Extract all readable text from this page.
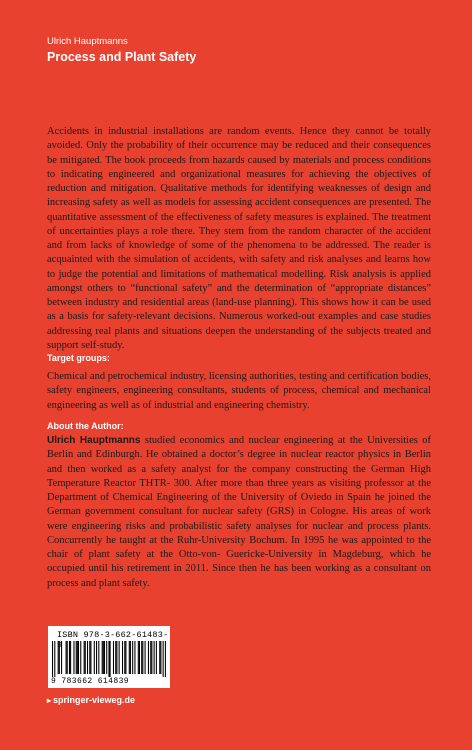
Ulrich Hauptmanns
Process and Plant Safety

Accidents in industrial installations are random events. Hence they cannot be totally avoided. Only the probability of their occurrence may be reduced and their consequences be mitigated. The book proceeds from hazards caused by materials and process conditions to indicating engineered and organizational measures for achieving the objectives of reduction and mitigation. Qualitative methods for identifying weaknesses of design and increasing safety as well as models for assessing accident consequences are presented. The quantitative assessment of the effectiveness of safety measures is explained. The treatment of uncertainties plays a role there. They stem from the random character of the accident and from lacks of knowledge of some of the phenomena to be addressed. The reader is acquainted with the simulation of accidents, with safety and risk analyses and learns how to judge the potential and limitations of mathematical modelling. Risk analysis is applied amongst others to “functional safety” and the determination of “appropriate distances” between industry and residential areas (land-use planning). This shows how it can be used as a basis for safety-relevant decisions. Numerous worked-out examples and case studies addressing real plants and situations deepen the understanding of the subjects treated and support self-study.

Target groups:

Chemical and petrochemical industry, licensing authorities, testing and certification bodies, safety engineers, engineering consultants, students of process, chemical and mechanical engineering as well as of industrial and engineering chemistry.

About the Author:

Ulrich Hauptmanns studied economics and nuclear engineering at the Universities of Berlin and Edinburgh. He obtained a doctor’s degree in nuclear reactor physics in Berlin and then worked as a safety analyst for the company constructing the German High Temperature Reactor THTR- 300. After more than three years as visiting professor at the Department of Chemical Engineering of the University of Oviedo in Spain he joined the German government consultant for nuclear safety (GRS) in Cologne. His areas of work were engineering risks and probabilistic safety analyses for nuclear and process plants. Concurrently he taught at the Ruhr-University Bochum. In 1995 he was appointed to the chair of plant safety at the Otto-von- Guericke-University in Magdeburg, which he occupied until his retirement in 2011. Since then he has been working as a consultant on process and plant safety.

ISBN 978-3-662-61483-
9 783662 614839
▸ springer-vieweg.de
